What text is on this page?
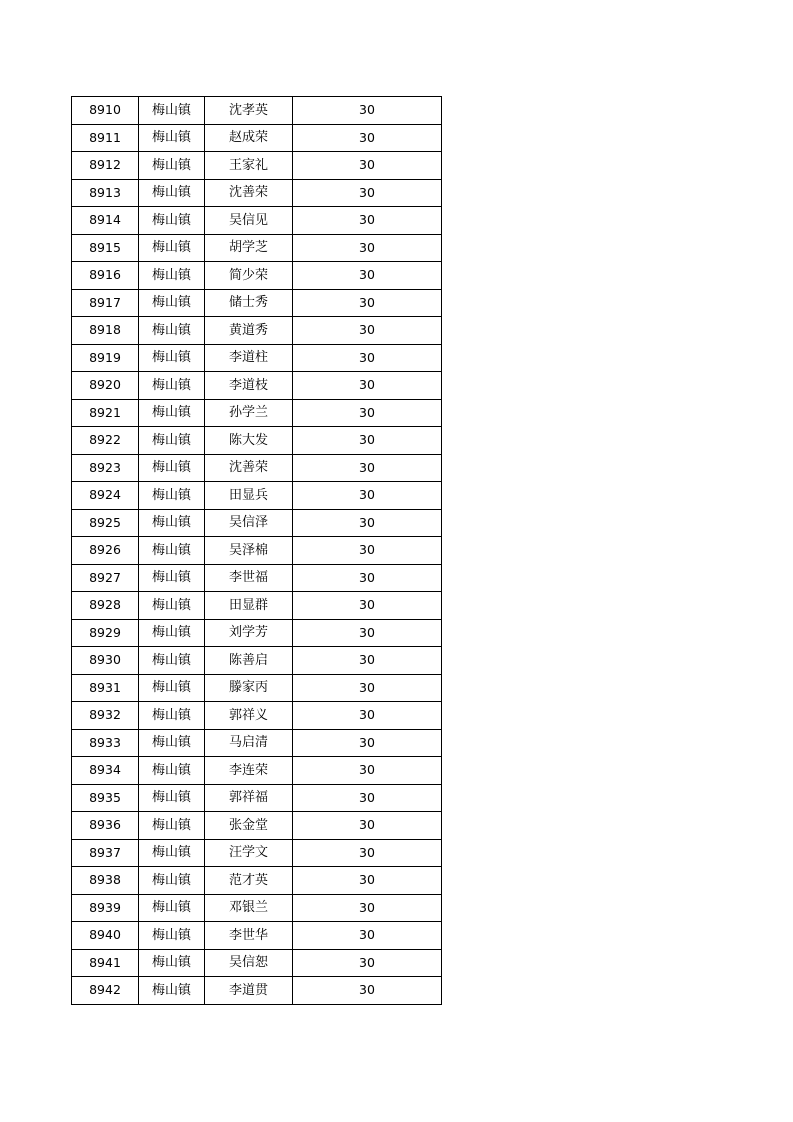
8910	梅山镇	沈孝英	30
8911	梅山镇	赵成荣	30
8912	梅山镇	王家礼	30
8913	梅山镇	沈善荣	30
8914	梅山镇	吴信见	30
8915	梅山镇	胡学芝	30
8916	梅山镇	简少荣	30
8917	梅山镇	储士秀	30
8918	梅山镇	黄道秀	30
8919	梅山镇	李道柱	30
8920	梅山镇	李道枝	30
8921	梅山镇	孙学兰	30
8922	梅山镇	陈大发	30
8923	梅山镇	沈善荣	30
8924	梅山镇	田显兵	30
8925	梅山镇	吴信泽	30
8926	梅山镇	吴泽棉	30
8927	梅山镇	李世福	30
8928	梅山镇	田显群	30
8929	梅山镇	刘学芳	30
8930	梅山镇	陈善启	30
8931	梅山镇	滕家丙	30
8932	梅山镇	郭祥义	30
8933	梅山镇	马启清	30
8934	梅山镇	李连荣	30
8935	梅山镇	郭祥福	30
8936	梅山镇	张金堂	30
8937	梅山镇	汪学文	30
8938	梅山镇	范才英	30
8939	梅山镇	邓银兰	30
8940	梅山镇	李世华	30
8941	梅山镇	吴信恕	30
8942	梅山镇	李道贯	30
